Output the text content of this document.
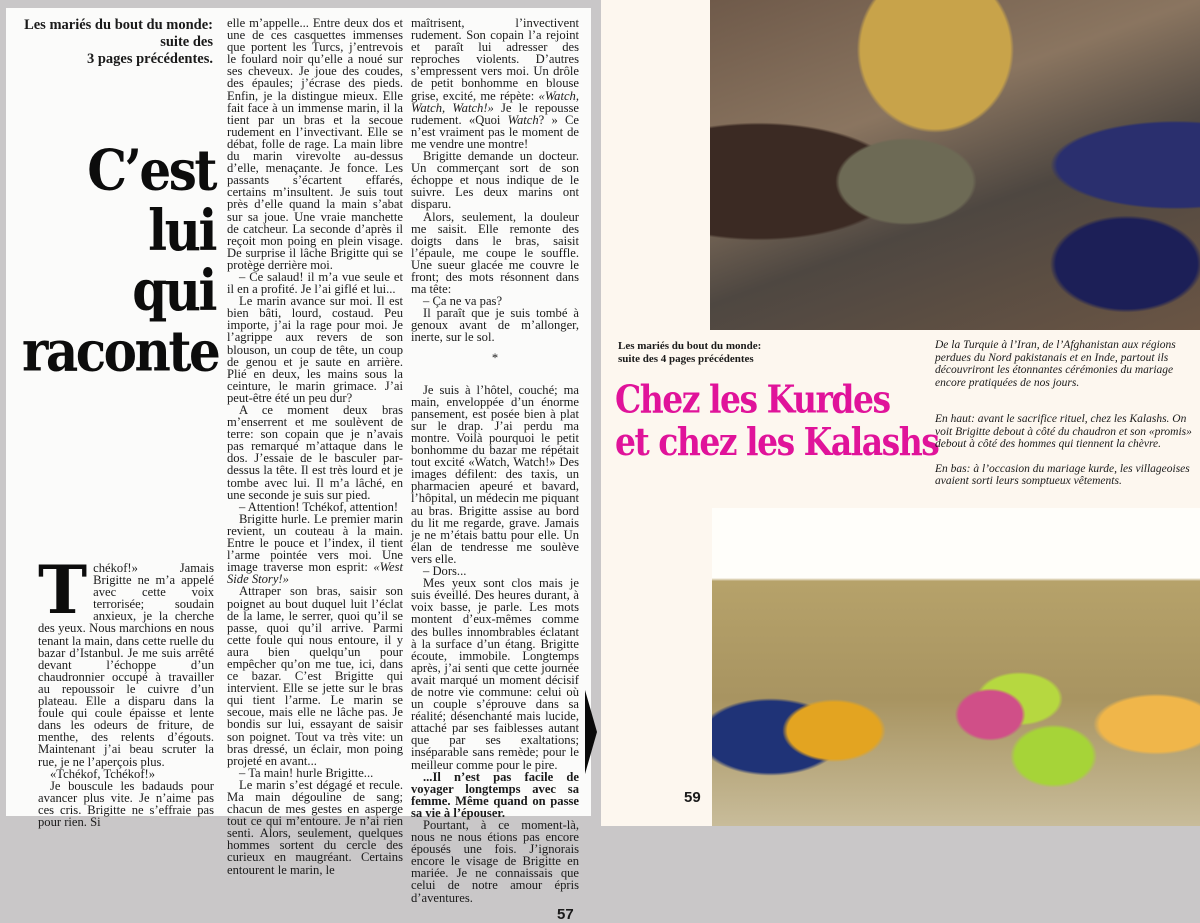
Les mariés du bout du monde:
suite des
3 pages précédentes.
C’est lui
qui
raconte

Tchékof!» Jamais Brigitte ne m’a appelé avec cette voix terrorisée; soudain anxieux, je la cherche des yeux. Nous marchions en nous tenant la main, dans cette ruelle du bazar d’Istanbul. Je me suis arrêté devant l’échoppe d’un chaudronnier occupé à travailler au repoussoir le cuivre d’un plateau. Elle a disparu dans la foule qui coule épaisse et lente dans les odeurs de friture, de menthe, des relents d’égouts. Maintenant j’ai beau scruter la rue, je ne l’aperçois plus.

«Tchékof, Tchékof!»

Je bouscule les badauds pour avancer plus vite. Je n’aime pas ces cris. Brigitte ne s’effraie pas pour rien. Si

elle m’appelle... Entre deux dos et une de ces casquettes immenses que portent les Turcs, j’entrevois le foulard noir qu’elle a noué sur ses cheveux. Je joue des coudes, des épaules; j’écrase des pieds. Enfin, je la distingue mieux. Elle fait face à un immense marin, il la tient par un bras et la secoue rudement en l’invectivant. Elle se débat, folle de rage. La main libre du marin virevolte au-dessus d’elle, menaçante. Je fonce. Les passants s’écartent effarés, certains m’insultent. Je suis tout près d’elle quand la main s’abat sur sa joue. Une vraie manchette de catcheur. La seconde d’après il reçoit mon poing en plein visage. De surprise il lâche Brigitte qui se protège derrière moi.

– Ce salaud! il m’a vue seule et il en a profité. Je l’ai giflé et lui...

Le marin avance sur moi. Il est bien bâti, lourd, costaud. Peu importe, j’ai la rage pour moi. Je l’agrippe aux revers de son blouson, un coup de tête, un coup de genou et je saute en arrière. Plié en deux, les mains sous la ceinture, le marin grimace. J’ai peut-être été un peu dur?

A ce moment deux bras m’enserrent et me soulèvent de terre: son copain que je n’avais pas remarqué m’attaque dans le dos. J’essaie de le basculer par-dessus la tête. Il est très lourd et je tombe avec lui. Il m’a lâché, en une seconde je suis sur pied.

– Attention! Tchékof, attention!

Brigitte hurle. Le premier marin revient, un couteau à la main. Entre le pouce et l’index, il tient l’arme pointée vers moi. Une image traverse mon esprit: «West Side Story!»

Attraper son bras, saisir son poignet au bout duquel luit l’éclat de la lame, le serrer, quoi qu’il se passe, quoi qu’il arrive. Parmi cette foule qui nous entoure, il y aura bien quelqu’un pour empêcher qu’on me tue, ici, dans ce bazar. C’est Brigitte qui intervient. Elle se jette sur le bras qui tient l’arme. Le marin se secoue, mais elle ne lâche pas. Je bondis sur lui, essayant de saisir son poignet. Tout va très vite: un bras dressé, un éclair, mon poing projeté en avant...

– Ta main! hurle Brigitte...

Le marin s’est dégagé et recule. Ma main dégouline de sang; chacun de mes gestes en asperge tout ce qui m’entoure. Je n’ai rien senti. Alors, seulement, quelques hommes sortent du cercle des curieux en maugréant. Certains entourent le marin, le

maîtrisent, l’invectivent rudement. Son copain l’a rejoint et paraît lui adresser des reproches violents. D’autres s’empressent vers moi. Un drôle de petit bonhomme en blouse grise, excité, me répète: «Watch, Watch, Watch!» Je le repousse rudement. «Quoi Watch? » Ce n’est vraiment pas le moment de me vendre une montre!

Brigitte demande un docteur. Un commerçant sort de son échoppe et nous indique de le suivre. Les deux marins ont disparu.

Alors, seulement, la douleur me saisit. Elle remonte des doigts dans le bras, saisit l’épaule, me coupe le souffle. Une sueur glacée me couvre le front; des mots résonnent dans ma tête:

– Ça ne va pas?

Il paraît que je suis tombé à genoux avant de m’allonger, inerte, sur le sol.

*

Je suis à l’hôtel, couché; ma main, enveloppée d’un énorme pansement, est posée bien à plat sur le drap. J’ai perdu ma montre. Voilà pourquoi le petit bonhomme du bazar me répétait tout excité «Watch, Watch!» Des images défilent: des taxis, un pharmacien apeuré et bavard, l’hôpital, un médecin me piquant au bras. Brigitte assise au bord du lit me regarde, grave. Jamais je ne m’étais battu pour elle. Un élan de tendresse me soulève vers elle.

– Dors...

Mes yeux sont clos mais je suis éveillé. Des heures durant, à voix basse, je parle. Les mots montent d’eux-mêmes comme des bulles innombrables éclatant à la surface d’un étang. Brigitte écoute, immobile. Longtemps après, j’ai senti que cette journée avait marqué un moment décisif de notre vie commune: celui où un couple s’éprouve dans sa réalité; désenchanté mais lucide, attaché par ses faiblesses autant que par ses exaltations; inséparable sans remède; pour le meilleur comme pour le pire.

...Il n’est pas facile de voyager longtemps avec sa femme. Même quand on passe sa vie à l’épouser.

Pourtant, à ce moment-là, nous ne nous étions pas encore épousés une fois. J’ignorais encore le visage de Brigitte en mariée. Je ne connaissais que celui de notre amour épris d’aventures.

57
Les mariés du bout du monde:
suite des 4 pages précédentes
Chez les Kurdes
et chez les Kalashs

De la Turquie à l’Iran, de l’Afghanistan aux régions perdues du Nord pakistanais et en Inde, partout ils découvriront les étonnantes cérémonies du mariage encore pratiquées de nos jours.

En haut: avant le sacrifice rituel, chez les Kalashs. On voit Brigitte debout à côté du chaudron et son «promis» debout à côté des hommes qui tiennent la chèvre.

En bas: à l’occasion du mariage kurde, les villageoises avaient sorti leurs somptueux vêtements.

59
